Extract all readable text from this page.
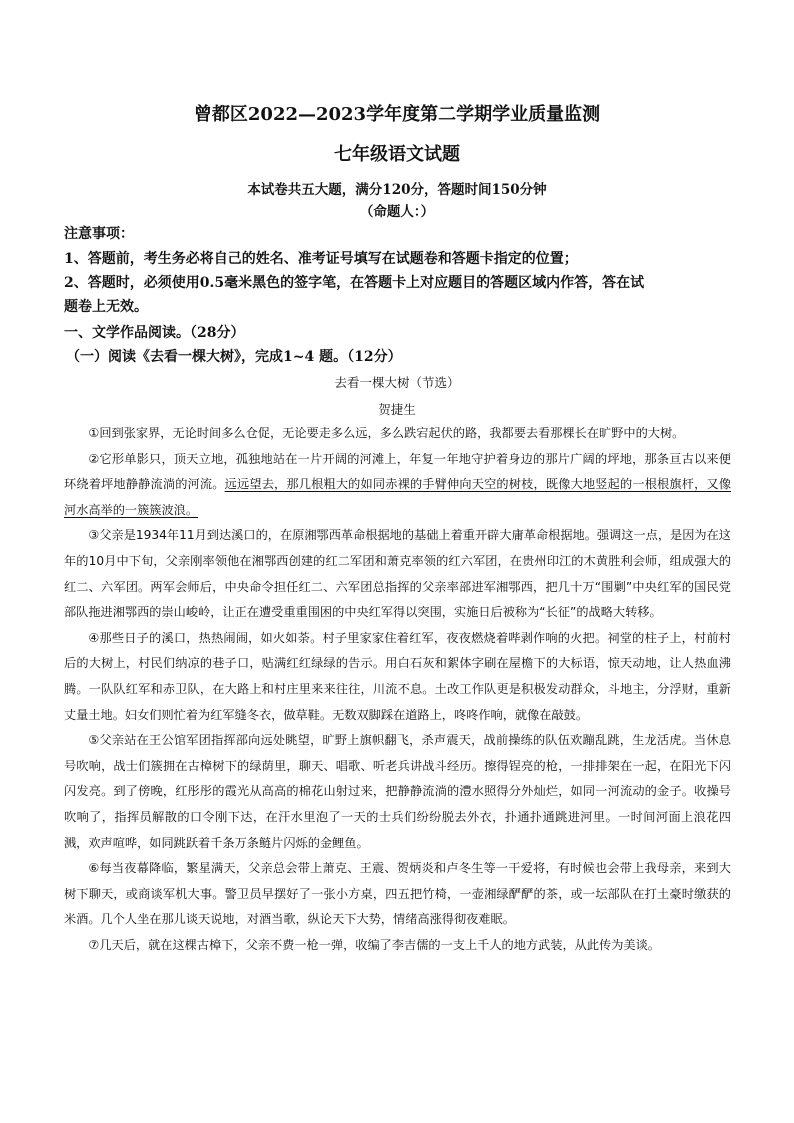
曾都区2022—2023学年度第二学期学业质量监测
七年级语文试题
本试卷共五大题，满分120分，答题时间150分钟
（命题人：）
注意事项：
1、答题前，考生务必将自己的姓名、准考证号填写在试题卷和答题卡指定的位置；
2、答题时，必须使用0.5毫米黑色的签字笔，在答题卡上对应题目的答题区域内作答，答在试
题卷上无效。
一、文学作品阅读。（28分）
（一）阅读《去看一棵大树》，完成1~4 题。（12分）
去看一棵大树（节选）
贺捷生

①回到张家界，无论时间多么仓促，无论要走多么远，多么跌宕起伏的路，我都要去看那棵长在旷野中的大树。

②它形单影只，顶天立地，孤独地站在一片开阔的河滩上，年复一年地守护着身边的那片广阔的坪地，那条亘古以来便环绕着坪地静静流淌的河流。远远望去，那几根粗大的如同赤裸的手臂伸向天空的树枝，既像大地竖起的一根根旗杆，又像河水高举的一簇簇波浪。

③父亲是1934年11月到达溪口的，在原湘鄂西革命根据地的基础上着重开辟大庸革命根据地。强调这一点，是因为在这年的10月中下旬，父亲刚率领他在湘鄂西创建的红二军团和萧克率领的红六军团，在贵州印江的木黄胜利会师，组成强大的红二、六军团。两军会师后，中央命令担任红二、六军团总指挥的父亲率部进军湘鄂西，把几十万“围剿”中央红军的国民党部队拖进湘鄂西的崇山峻岭，让正在遭受重重围困的中央红军得以突围，实施日后被称为“长征”的战略大转移。

④那些日子的溪口，热热闹闹，如火如荼。村子里家家住着红军，夜夜燃烧着哔剥作响的火把。祠堂的柱子上，村前村后的大树上，村民们纳凉的巷子口，贴满红红绿绿的告示。用白石灰和絮体字刷在屋檐下的大标语，惊天动地，让人热血沸腾。一队队红军和赤卫队，在大路上和村庄里来来往往，川流不息。土改工作队更是积极发动群众，斗地主，分浮财，重新丈量土地。妇女们则忙着为红军缝冬衣，做草鞋。无数双脚踩在道路上，咚咚作响，就像在敲鼓。

⑤父亲站在王公馆军团指挥部向远处眺望，旷野上旗帜翻飞，杀声震天，战前操练的队伍欢蹦乱跳，生龙活虎。当休息号吹响，战士们簇拥在古樟树下的绿荫里，聊天、唱歌、听老兵讲战斗经历。擦得锃亮的枪，一排排架在一起，在阳光下闪闪发亮。到了傍晚，红彤彤的霞光从高高的棉花山射过来，把静静流淌的澧水照得分外灿烂，如同一河流动的金子。收操号吹响了，指挥员解散的口令刚下达，在汗水里泡了一天的士兵们纷纷脱去外衣，扑通扑通跳进河里。一时间河面上浪花四溅，欢声喧哗，如同跳跃着千条万条鲢片闪烁的金鲤鱼。

⑥每当夜幕降临，繁星满天，父亲总会带上萧克、王震、贺炳炎和卢冬生等一干爱将，有时候也会带上我母亲，来到大树下聊天，或商谈军机大事。警卫员早摆好了一张小方桌，四五把竹椅，一壶湘绿酽酽的茶，或一坛部队在打土豪时缴获的米酒。几个人坐在那儿谈天说地，对酒当歌，纵论天下大势，情绪高涨得彻夜难眠。

⑦几天后，就在这棵古樟下，父亲不费一枪一弹，收编了李吉儒的一支上千人的地方武装，从此传为美谈。
